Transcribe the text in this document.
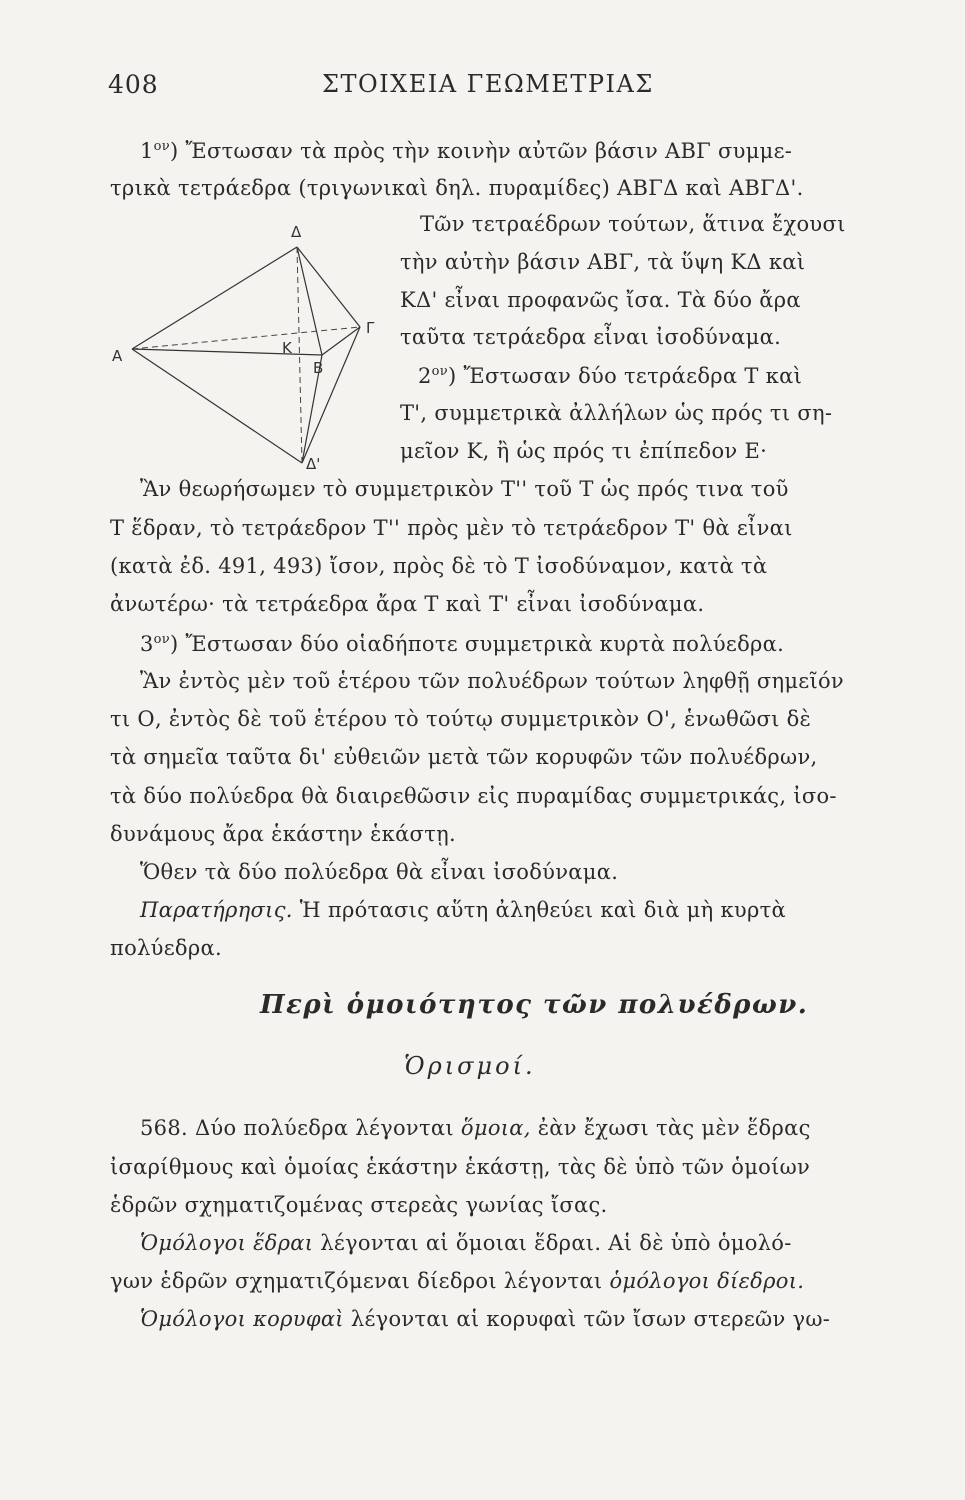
408	ΣΤΟΙΧΕΙΑ ΓΕΩΜΕΤΡΙΑΣ
$1^{o\nu}$) Ἔστωσαν τὰ πρὸς τὴν κοινὴν αὐτῶν βάσιν ΑΒΓ συμμε-
τρικὰ τετράεδρα (τριγωνικαὶ δηλ. πυραμίδες) ΑΒΓΔ καὶ ΑΒΓΔ'.
Τῶν τετραέδρων τούτων, ἅτινα ἔχουσι
τὴν αὐτὴν βάσιν ΑΒΓ, τὰ ὕψη ΚΔ καὶ
ΚΔ' εἶναι προφανῶς ἴσα. Τὰ δύο ἄρα
ταῦτα τετράεδρα εἶναι ἰσοδύναμα.
Δ
Α	Κ
Γ
Β
Δ'
$2^{o\nu}$) Ἔστωσαν δύο τετράεδρα Τ καὶ
Τ', συμμετρικὰ ἀλλήλων ὡς πρός τι ση-
μεῖον Κ, ἢ ὡς πρός τι ἐπίπεδον Ε·
Ἂν θεωρήσωμεν τὸ συμμετρικὸν Τ'' τοῦ Τ ὡς πρός τινα τοῦ
Τ ἕδραν, τὸ τετράεδρον Τ'' πρὸς μὲν τὸ τετράεδρον Τ' θὰ εἶναι
(κατὰ ἐδ. 491, 493) ἴσον, πρὸς δὲ τὸ Τ ἰσοδύναμον, κατὰ τὰ
ἀνωτέρω· τὰ τετράεδρα ἄρα Τ καὶ Τ' εἶναι ἰσοδύναμα.
$3^{o\nu}$) Ἔστωσαν δύο οἱαδήποτε συμμετρικὰ κυρτὰ πολύεδρα.
Ἂν ἐντὸς μὲν τοῦ ἑτέρου τῶν πολυέδρων τούτων ληφθῇ σημεῖόν
τι Ο, ἐντὸς δὲ τοῦ ἑτέρου τὸ τούτῳ συμμετρικὸν Ο', ἑνωθῶσι δὲ
τὰ σημεῖα ταῦτα δι' εὐθειῶν μετὰ τῶν κορυφῶν τῶν πολυέδρων,
τὰ δύο πολύεδρα θὰ διαιρεθῶσιν εἰς πυραμίδας συμμετρικάς, ἰσο-
δυνάμους ἄρα ἑκάστην ἑκάστῃ.
Ὅθεν τὰ δύο πολύεδρα θὰ εἶναι ἰσοδύναμα.
Παρατήρησις. Ἡ πρότασις αὕτη ἀληθεύει καὶ διὰ μὴ κυρτὰ
πολύεδρα.
Περὶ ὁμοιότητος τῶν πολυέδρων.
Ὁρισμοί.
568. Δύο πολύεδρα λέγονται ὅμοια, ἐὰν ἔχωσι τὰς μὲν ἕδρας
ἰσαρίθμους καὶ ὁμοίας ἑκάστην ἑκάστῃ, τὰς δὲ ὑπὸ τῶν ὁμοίων
ἑδρῶν σχηματιζομένας στερεὰς γωνίας ἴσας.
Ὁμόλογοι ἕδραι λέγονται αἱ ὅμοιαι ἕδραι. Αἱ δὲ ὑπὸ ὁμολό-
γων ἑδρῶν σχηματιζόμεναι δίεδροι λέγονται ὁμόλογοι δίεδροι.
Ὁμόλογοι κορυφαὶ λέγονται αἱ κορυφαὶ τῶν ἴσων στερεῶν γω-
